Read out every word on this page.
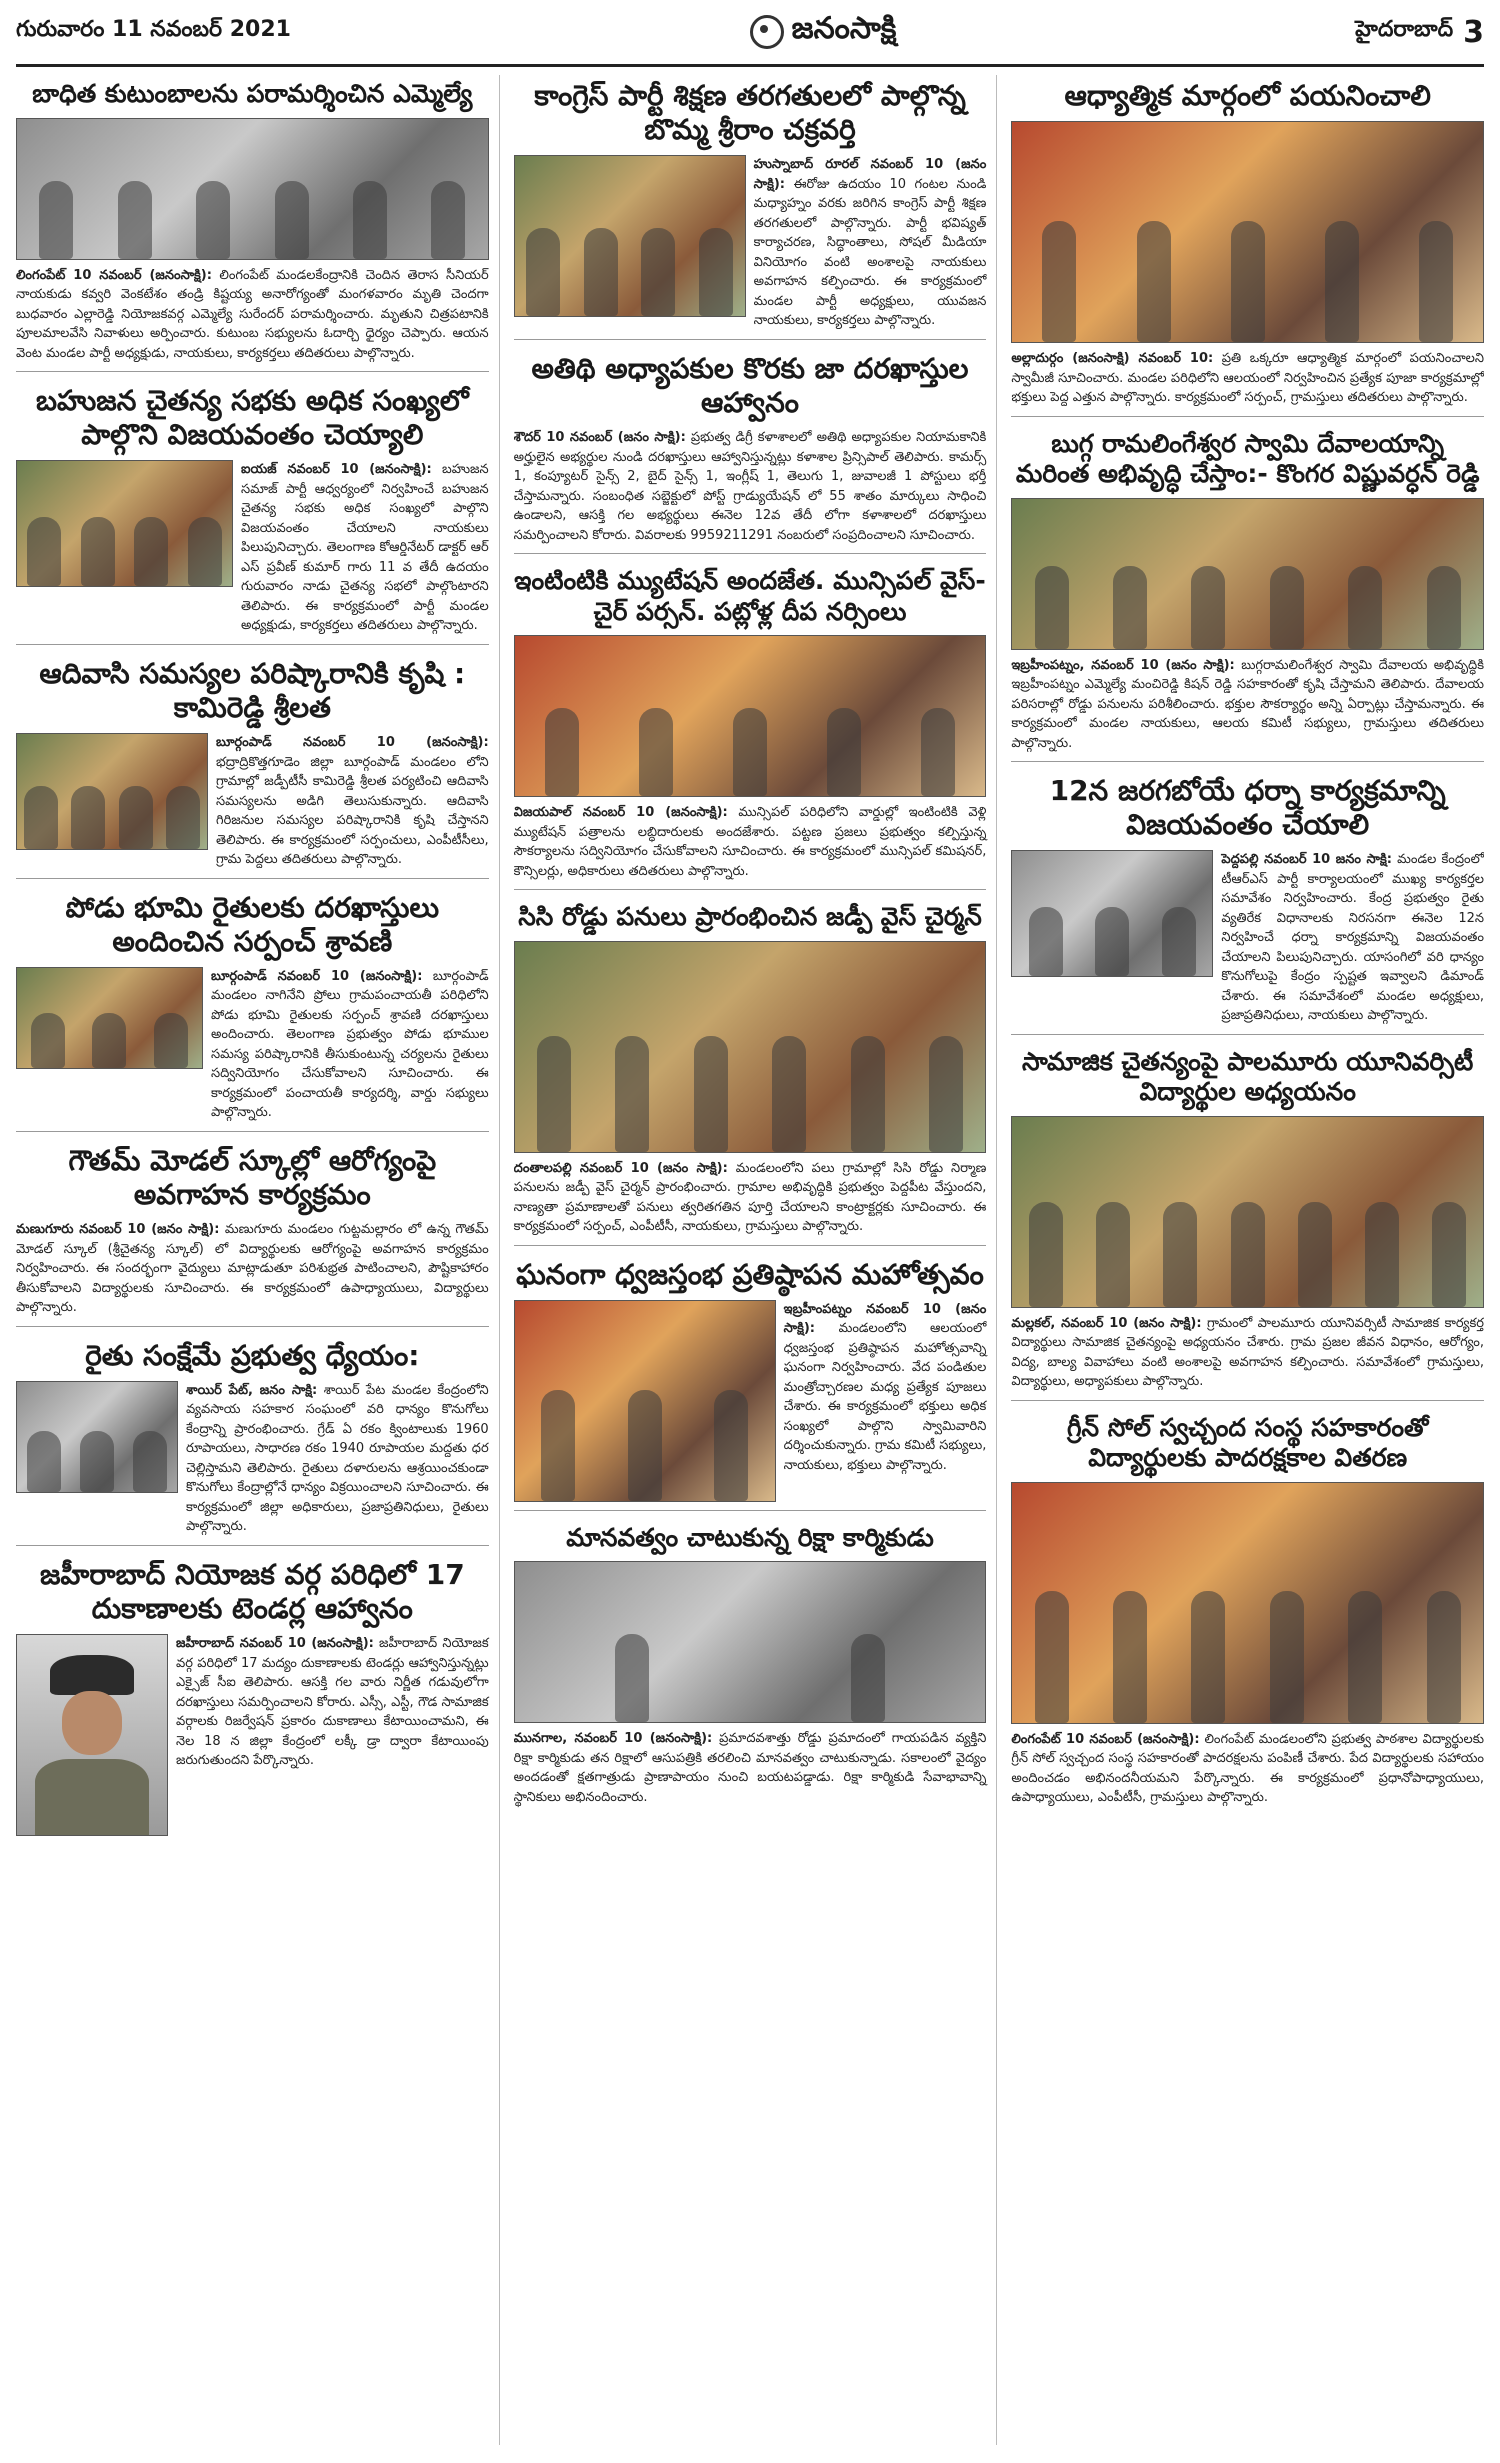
గురువారం 11 నవంబర్ 2021	జనంసాక్షి	హైదరాబాద్ 3
బాధిత కుటుంబాలను పరామర్శించిన ఎమ్మెల్యే

లింగంపేట్ 10 నవంబర్ (జనంసాక్షి): లింగంపేట్ మండలకేంద్రానికి చెందిన తెరాస సీనియర్ నాయకుడు కవ్వరి వెంకటేశం తండ్రి కిష్టయ్య అనారోగ్యంతో మంగళవారం మృతి చెందగా బుధవారం ఎల్లారెడ్డి నియోజకవర్గ ఎమ్మెల్యే సురేందర్ పరామర్శించారు. మృతుని చిత్రపటానికి పూలమాలవేసి నివాళులు అర్పించారు. కుటుంబ సభ్యులను ఓదార్చి ధైర్యం చెప్పారు. ఆయన వెంట మండల పార్టీ అధ్యక్షుడు, నాయకులు, కార్యకర్తలు తదితరులు పాల్గొన్నారు.

బహుజన చైతన్య సభకు అధిక సంఖ్యలో పాల్గొని విజయవంతం చెయ్యాలి

ఐయజ్ నవంబర్ 10 (జనంసాక్షి): బహుజన సమాజ్ పార్టీ ఆధ్వర్యంలో నిర్వహించే బహుజన చైతన్య సభకు అధిక సంఖ్యలో పాల్గొని విజయవంతం చేయాలని నాయకులు పిలుపునిచ్చారు. తెలంగాణ కోఆర్డినేటర్ డాక్టర్ ఆర్ ఎస్ ప్రవీణ్ కుమార్ గారు 11 వ తేదీ ఉదయం గురువారం నాడు చైతన్య సభలో పాల్గొంటారని తెలిపారు. ఈ కార్యక్రమంలో పార్టీ మండల అధ్యక్షుడు, కార్యకర్తలు తదితరులు పాల్గొన్నారు.

ఆదివాసి సమస్యల పరిష్కారానికి కృషి : కామిరెడ్డి శ్రీలత

బూర్గంపాడ్ నవంబర్ 10 (జనంసాక్షి): భద్రాద్రికొత్తగూడెం జిల్లా బూర్గంపాడ్ మండలం లోని గ్రామాల్లో జడ్పీటీసీ కామిరెడ్డి శ్రీలత పర్యటించి ఆదివాసి సమస్యలను అడిగి తెలుసుకున్నారు. ఆదివాసి గిరిజనుల సమస్యల పరిష్కారానికి కృషి చేస్తానని తెలిపారు. ఈ కార్యక్రమంలో సర్పంచులు, ఎంపీటీసీలు, గ్రామ పెద్దలు తదితరులు పాల్గొన్నారు.

పోడు భూమి రైతులకు దరఖాస్తులు అందించిన సర్పంచ్ శ్రావణి

బూర్గంపాడ్ నవంబర్ 10 (జనంసాక్షి): బూర్గంపాడ్ మండలం నాగినేని ప్రోలు గ్రామపంచాయతీ పరిధిలోని పోడు భూమి రైతులకు సర్పంచ్ శ్రావణి దరఖాస్తులు అందించారు. తెలంగాణ ప్రభుత్వం పోడు భూముల సమస్య పరిష్కారానికి తీసుకుంటున్న చర్యలను రైతులు సద్వినియోగం చేసుకోవాలని సూచించారు. ఈ కార్యక్రమంలో పంచాయతీ కార్యదర్శి, వార్డు సభ్యులు పాల్గొన్నారు.

గౌతమ్ మోడల్ స్కూల్లో ఆరోగ్యంపై అవగాహన కార్యక్రమం

మణుగూరు నవంబర్ 10 (జనం సాక్షి): మణుగూరు మండలం గుట్టమల్లారం లో ఉన్న గౌతమ్ మోడల్ స్కూల్ (శ్రీచైతన్య స్కూల్) లో విద్యార్థులకు ఆరోగ్యంపై అవగాహన కార్యక్రమం నిర్వహించారు. ఈ సందర్భంగా వైద్యులు మాట్లాడుతూ పరిశుభ్రత పాటించాలని, పౌష్టికాహారం తీసుకోవాలని విద్యార్థులకు సూచించారు. ఈ కార్యక్రమంలో ఉపాధ్యాయులు, విద్యార్థులు పాల్గొన్నారు.

రైతు సంక్షేమే ప్రభుత్వ ధ్యేయం:

శాయిర్ పేట్, జనం సాక్షి: శాయిర్ పేట మండల కేంద్రంలోని వ్యవసాయ సహకార సంఘంలో వరి ధాన్యం కొనుగోలు కేంద్రాన్ని ప్రారంభించారు. గ్రేడ్ ఏ రకం క్వింటాలుకు 1960 రూపాయలు, సాధారణ రకం 1940 రూపాయల మద్దతు ధర చెల్లిస్తామని తెలిపారు. రైతులు దళారులను ఆశ్రయించకుండా కొనుగోలు కేంద్రాల్లోనే ధాన్యం విక్రయించాలని సూచించారు. ఈ కార్యక్రమంలో జిల్లా అధికారులు, ప్రజాప్రతినిధులు, రైతులు పాల్గొన్నారు.

జహీరాబాద్ నియోజక వర్గ పరిధిలో 17 దుకాణాలకు టెండర్ల ఆహ్వానం

జహీరాబాద్ నవంబర్ 10 (జనంసాక్షి): జహీరాబాద్ నియోజక వర్గ పరిధిలో 17 మద్యం దుకాణాలకు టెండర్లు ఆహ్వానిస్తున్నట్లు ఎక్సైజ్ సీఐ తెలిపారు. ఆసక్తి గల వారు నిర్ణీత గడువులోగా దరఖాస్తులు సమర్పించాలని కోరారు. ఎస్సీ, ఎస్టీ, గౌడ సామాజిక వర్గాలకు రిజర్వేషన్ ప్రకారం దుకాణాలు కేటాయించామని, ఈ నెల 18 న జిల్లా కేంద్రంలో లక్కీ డ్రా ద్వారా కేటాయింపు జరుగుతుందని పేర్కొన్నారు.

కాంగ్రెస్ పార్టీ శిక్షణ తరగతులలో పాల్గొన్న బొమ్మ శ్రీరాం చక్రవర్తి

హుస్నాబాద్ రూరల్ నవంబర్ 10 (జనం సాక్షి): ఈరోజు ఉదయం 10 గంటల నుండి మధ్యాహ్నం వరకు జరిగిన కాంగ్రెస్ పార్టీ శిక్షణ తరగతులలో పాల్గొన్నారు. పార్టీ భవిష్యత్ కార్యాచరణ, సిద్ధాంతాలు, సోషల్ మీడియా వినియోగం వంటి అంశాలపై నాయకులు అవగాహన కల్పించారు. ఈ కార్యక్రమంలో మండల పార్టీ అధ్యక్షులు, యువజన నాయకులు, కార్యకర్తలు పాల్గొన్నారు.

అతిథి అధ్యాపకుల కొరకు జా దరఖాస్తుల ఆహ్వానం

శౌదర్ 10 నవంబర్ (జనం సాక్షి): ప్రభుత్వ డిగ్రీ కళాశాలలో అతిథి అధ్యాపకుల నియామకానికి అర్హులైన అభ్యర్థుల నుండి దరఖాస్తులు ఆహ్వానిస్తున్నట్లు కళాశాల ప్రిన్సిపాల్ తెలిపారు. కామర్స్ 1, కంప్యూటర్ సైన్స్ 2, బైద్ సైన్స్ 1, ఇంగ్లీష్ 1, తెలుగు 1, జువాలజీ 1 పోస్టులు భర్తీ చేస్తామన్నారు. సంబంధిత సబ్జెక్టులో పోస్ట్ గ్రాడ్యుయేషన్ లో 55 శాతం మార్కులు సాధించి ఉండాలని, ఆసక్తి గల అభ్యర్థులు ఈనెల 12వ తేదీ లోగా కళాశాలలో దరఖాస్తులు సమర్పించాలని కోరారు. వివరాలకు 9959211291 నంబరులో సంప్రదించాలని సూచించారు.

ఇంటింటికి మ్యుటేషన్ అందజేత. మున్సిపల్ వైస్-చైర్ పర్సన్. పట్లోళ్ల దీప నర్సింలు

విజయపాల్ నవంబర్ 10 (జనంసాక్షి): మున్సిపల్ పరిధిలోని వార్డుల్లో ఇంటింటికి వెళ్లి మ్యుటేషన్ పత్రాలను లబ్ధిదారులకు అందజేశారు. పట్టణ ప్రజలు ప్రభుత్వం కల్పిస్తున్న సౌకర్యాలను సద్వినియోగం చేసుకోవాలని సూచించారు. ఈ కార్యక్రమంలో మున్సిపల్ కమిషనర్, కౌన్సిలర్లు, అధికారులు తదితరులు పాల్గొన్నారు.

సిసి రోడ్డు పనులు ప్రారంభించిన జడ్పీ వైస్ చైర్మన్

దంతాలపల్లి నవంబర్ 10 (జనం సాక్షి): మండలంలోని పలు గ్రామాల్లో సిసి రోడ్డు నిర్మాణ పనులను జడ్పీ వైస్ చైర్మన్ ప్రారంభించారు. గ్రామాల అభివృద్ధికి ప్రభుత్వం పెద్దపీట వేస్తుందని, నాణ్యతా ప్రమాణాలతో పనులు త్వరితగతిన పూర్తి చేయాలని కాంట్రాక్టర్లకు సూచించారు. ఈ కార్యక్రమంలో సర్పంచ్, ఎంపీటీసీ, నాయకులు, గ్రామస్తులు పాల్గొన్నారు.

ఘనంగా ధ్వజస్తంభ ప్రతిష్ఠాపన మహోత్సవం

ఇబ్రహీంపట్నం నవంబర్ 10 (జనం సాక్షి): మండలంలోని ఆలయంలో ధ్వజస్తంభ ప్రతిష్ఠాపన మహోత్సవాన్ని ఘనంగా నిర్వహించారు. వేద పండితుల మంత్రోచ్చారణల మధ్య ప్రత్యేక పూజలు చేశారు. ఈ కార్యక్రమంలో భక్తులు అధిక సంఖ్యలో పాల్గొని స్వామివారిని దర్శించుకున్నారు. గ్రామ కమిటీ సభ్యులు, నాయకులు, భక్తులు పాల్గొన్నారు.

మానవత్వం చాటుకున్న రిక్షా కార్మికుడు

మునగాల, నవంబర్ 10 (జనంసాక్షి): ప్రమాదవశాత్తు రోడ్డు ప్రమాదంలో గాయపడిన వ్యక్తిని రిక్షా కార్మికుడు తన రిక్షాలో ఆసుపత్రికి తరలించి మానవత్వం చాటుకున్నాడు. సకాలంలో వైద్యం అందడంతో క్షతగాత్రుడు ప్రాణాపాయం నుంచి బయటపడ్డాడు. రిక్షా కార్మికుడి సేవాభావాన్ని స్థానికులు అభినందించారు.

ఆధ్యాత్మిక మార్గంలో పయనించాలి

అల్లాదుర్గం (జనంసాక్షి) నవంబర్ 10: ప్రతి ఒక్కరూ ఆధ్యాత్మిక మార్గంలో పయనించాలని స్వామీజీ సూచించారు. మండల పరిధిలోని ఆలయంలో నిర్వహించిన ప్రత్యేక పూజా కార్యక్రమాల్లో భక్తులు పెద్ద ఎత్తున పాల్గొన్నారు. కార్యక్రమంలో సర్పంచ్, గ్రామస్తులు తదితరులు పాల్గొన్నారు.

బుగ్గ రామలింగేశ్వర స్వామి దేవాలయాన్ని మరింత అభివృద్ధి చేస్తాం:- కొంగర విష్ణువర్ధన్ రెడ్డి

ఇబ్రహీంపట్నం, నవంబర్ 10 (జనం సాక్షి): బుగ్గరామలింగేశ్వర స్వామి దేవాలయ అభివృద్ధికి ఇబ్రహీంపట్నం ఎమ్మెల్యే మంచిరెడ్డి కిషన్ రెడ్డి సహకారంతో కృషి చేస్తామని తెలిపారు. దేవాలయ పరిసరాల్లో రోడ్డు పనులను పరిశీలించారు. భక్తుల సౌకర్యార్థం అన్ని ఏర్పాట్లు చేస్తామన్నారు. ఈ కార్యక్రమంలో మండల నాయకులు, ఆలయ కమిటీ సభ్యులు, గ్రామస్తులు తదితరులు పాల్గొన్నారు.

12న జరగబోయే ధర్నా కార్యక్రమాన్ని విజయవంతం చేయాలి

పెద్దపల్లి నవంబర్ 10 జనం సాక్షి: మండల కేంద్రంలో టీఆర్ఎస్ పార్టీ కార్యాలయంలో ముఖ్య కార్యకర్తల సమావేశం నిర్వహించారు. కేంద్ర ప్రభుత్వం రైతు వ్యతిరేక విధానాలకు నిరసనగా ఈనెల 12న నిర్వహించే ధర్నా కార్యక్రమాన్ని విజయవంతం చేయాలని పిలుపునిచ్చారు. యాసంగిలో వరి ధాన్యం కొనుగోలుపై కేంద్రం స్పష్టత ఇవ్వాలని డిమాండ్ చేశారు. ఈ సమావేశంలో మండల అధ్యక్షులు, ప్రజాప్రతినిధులు, నాయకులు పాల్గొన్నారు.

సామాజిక చైతన్యంపై పాలమూరు యూనివర్సిటీ విద్యార్థుల అధ్యయనం

మల్లకల్, నవంబర్ 10 (జనం సాక్షి): గ్రామంలో పాలమూరు యూనివర్సిటీ సామాజిక కార్యకర్త విద్యార్థులు సామాజిక చైతన్యంపై అధ్యయనం చేశారు. గ్రామ ప్రజల జీవన విధానం, ఆరోగ్యం, విద్య, బాల్య వివాహాలు వంటి అంశాలపై అవగాహన కల్పించారు. సమావేశంలో గ్రామస్తులు, విద్యార్థులు, అధ్యాపకులు పాల్గొన్నారు.

గ్రీన్ సోల్ స్వచ్చంద సంస్థ సహకారంతో విద్యార్థులకు పాదరక్షకాల వితరణ

లింగంపేట్ 10 నవంబర్ (జనంసాక్షి): లింగంపేట్ మండలంలోని ప్రభుత్వ పాఠశాల విద్యార్థులకు గ్రీన్ సోల్ స్వచ్చంద సంస్థ సహకారంతో పాదరక్షలను పంపిణీ చేశారు. పేద విద్యార్థులకు సహాయం అందించడం అభినందనీయమని పేర్కొన్నారు. ఈ కార్యక్రమంలో ప్రధానోపాధ్యాయులు, ఉపాధ్యాయులు, ఎంపీటీసీ, గ్రామస్తులు పాల్గొన్నారు.
